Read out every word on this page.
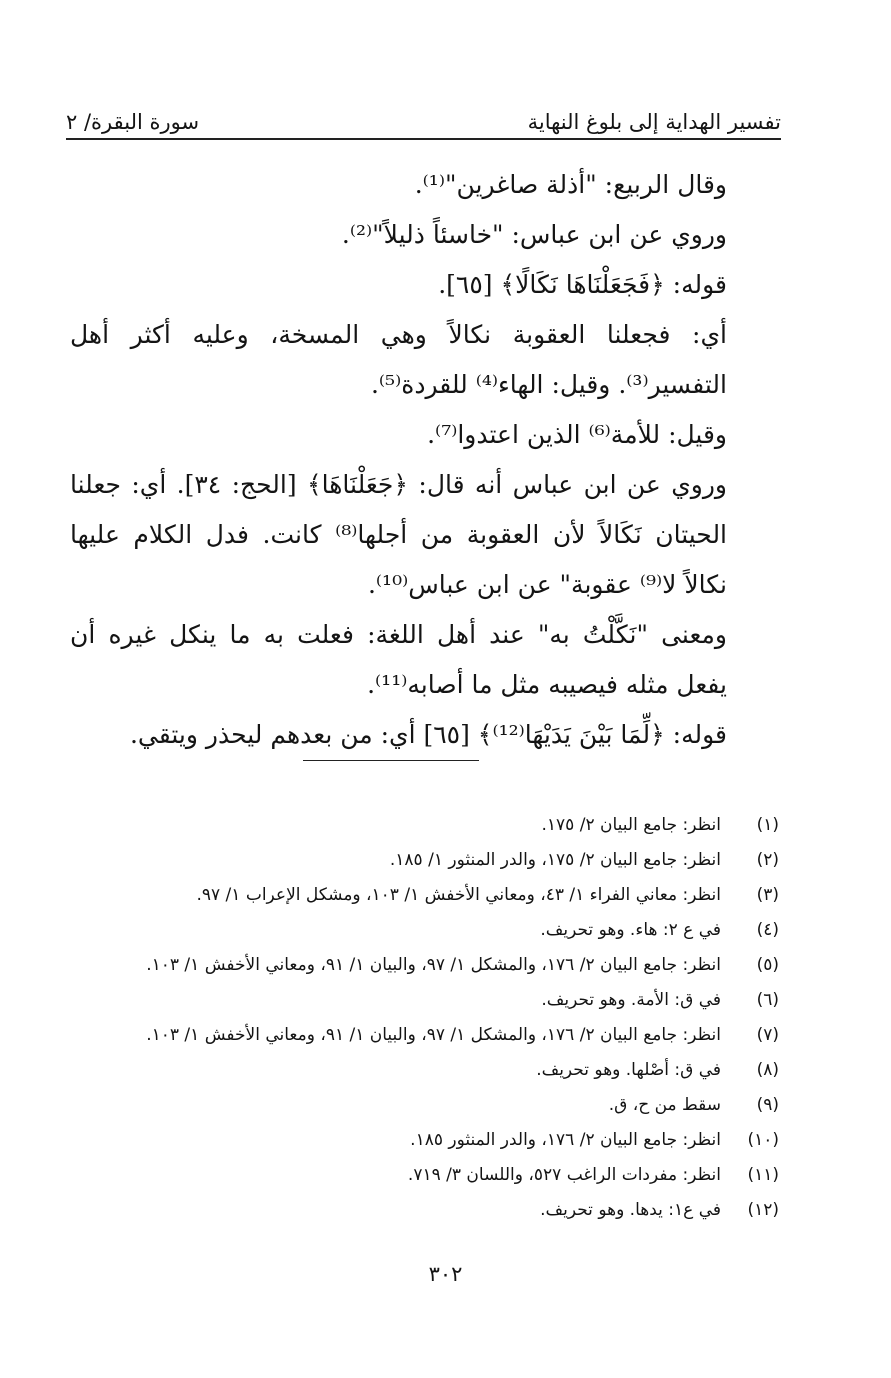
تفسير الهداية إلى بلوغ النهاية
سورة البقرة/ ٢

وقال الربيع: "أذلة صاغرين"⁽¹⁾.

وروي عن ابن عباس: "خاسئاً ذليلاً"⁽²⁾.

قوله: ﴿فَجَعَلْنَاهَا نَكَالًا﴾ [٦٥].

أي: فجعلنا العقوبة نكالاً وهي المسخة، وعليه أكثر أهل التفسير⁽³⁾. وقيل: الهاء⁽⁴⁾ للقردة⁽⁵⁾.

وقيل: للأمة⁽⁶⁾ الذين اعتدوا⁽⁷⁾.

وروي عن ابن عباس أنه قال: ﴿جَعَلْنَاهَا﴾ [الحج: ٣٤]. أي: جعلنا الحيتان نَكَالاً لأن العقوبة من أجلها⁽⁸⁾ كانت. فدل الكلام عليها نكالاً لا⁽⁹⁾ عقوبة" عن ابن عباس⁽¹⁰⁾.

ومعنى "نَكَّلْتُ به" عند أهل اللغة: فعلت به ما ينكل غيره أن يفعل مثله فيصيبه مثل ما أصابه⁽¹¹⁾.

قوله: ﴿لِّمَا بَيْنَ يَدَيْهَا⁽¹²⁾﴾ [٦٥] أي: من بعدهم ليحذر ويتقي.

(١)
انظر: جامع البيان ٢/ ١٧٥.
(٢)
انظر: جامع البيان ٢/ ١٧٥، والدر المنثور ١/ ١٨٥.
(٣)
انظر: معاني الفراء ١/ ٤٣، ومعاني الأخفش ١/ ١٠٣، ومشكل الإعراب ١/ ٩٧.
(٤)
في ع ٢: هاء. وهو تحريف.
(٥)
انظر: جامع البيان ٢/ ١٧٦، والمشكل ١/ ٩٧، والبيان ١/ ٩١، ومعاني الأخفش ١/ ١٠٣.
(٦)
في ق: الأمة. وهو تحريف.
(٧)
انظر: جامع البيان ٢/ ١٧٦، والمشكل ١/ ٩٧، والبيان ١/ ٩١، ومعاني الأخفش ١/ ١٠٣.
(٨)
في ق: أصْلها. وهو تحريف.
(٩)
سقط من ح، ق.
(١٠)
انظر: جامع البيان ٢/ ١٧٦، والدر المنثور ١٨٥.
(١١)
انظر: مفردات الراغب ٥٢٧، واللسان ٣/ ٧١٩.
(١٢)
في ع١: يدها. وهو تحريف.
٣٠٢
